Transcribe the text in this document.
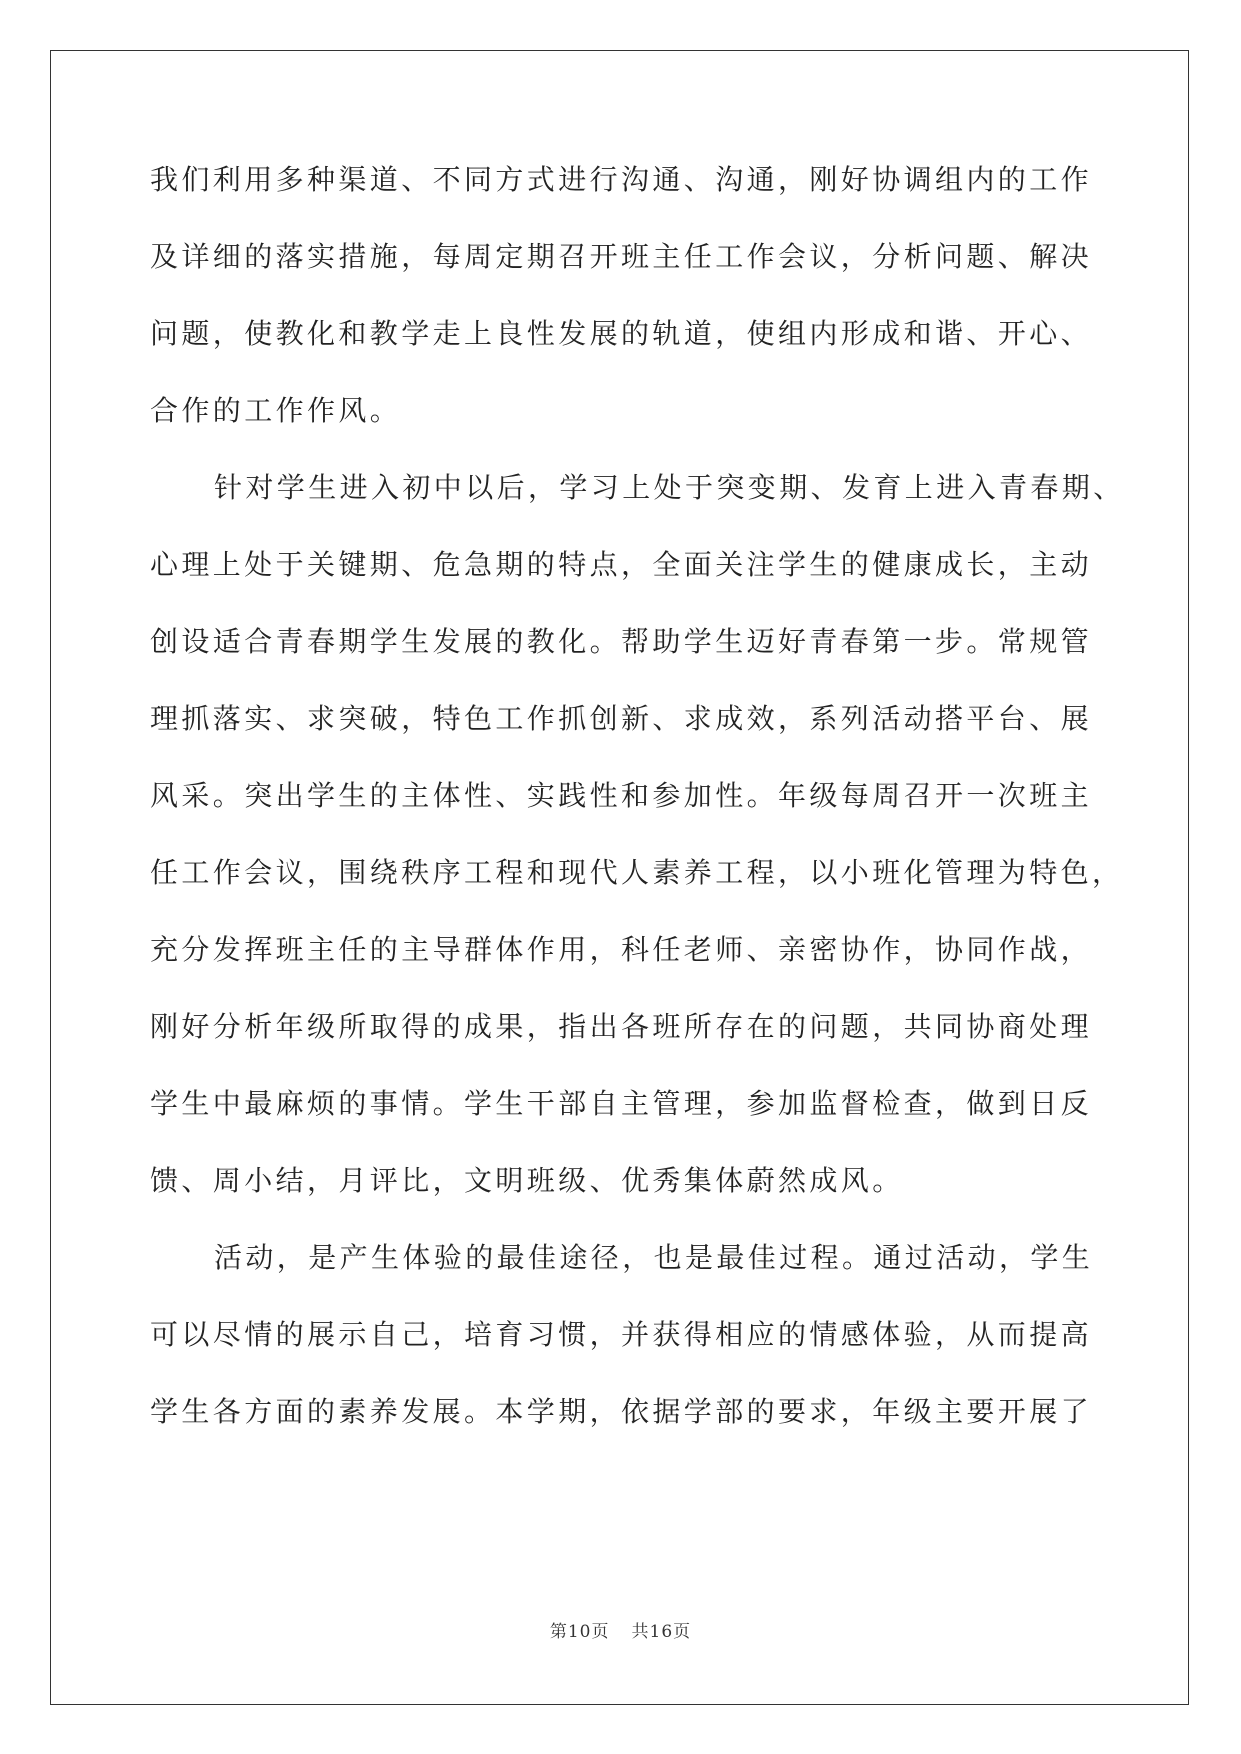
我们利用多种渠道、不同方式进行沟通、沟通，刚好协调组内的工作
及详细的落实措施，每周定期召开班主任工作会议，分析问题、解决
问题，使教化和教学走上良性发展的轨道，使组内形成和谐、开心、
合作的工作作风。
针对学生进入初中以后，学习上处于突变期、发育上进入青春期、
心理上处于关键期、危急期的特点，全面关注学生的健康成长，主动
创设适合青春期学生发展的教化。帮助学生迈好青春第一步。常规管
理抓落实、求突破，特色工作抓创新、求成效，系列活动搭平台、展
风采。突出学生的主体性、实践性和参加性。年级每周召开一次班主
任工作会议，围绕秩序工程和现代人素养工程，以小班化管理为特色，
充分发挥班主任的主导群体作用，科任老师、亲密协作，协同作战，
刚好分析年级所取得的成果，指出各班所存在的问题，共同协商处理
学生中最麻烦的事情。学生干部自主管理，参加监督检查，做到日反
馈、周小结，月评比，文明班级、优秀集体蔚然成风。
活动，是产生体验的最佳途径，也是最佳过程。通过活动，学生
可以尽情的展示自己，培育习惯，并获得相应的情感体验，从而提高
学生各方面的素养发展。本学期，依据学部的要求，年级主要开展了
第10页 共16页
